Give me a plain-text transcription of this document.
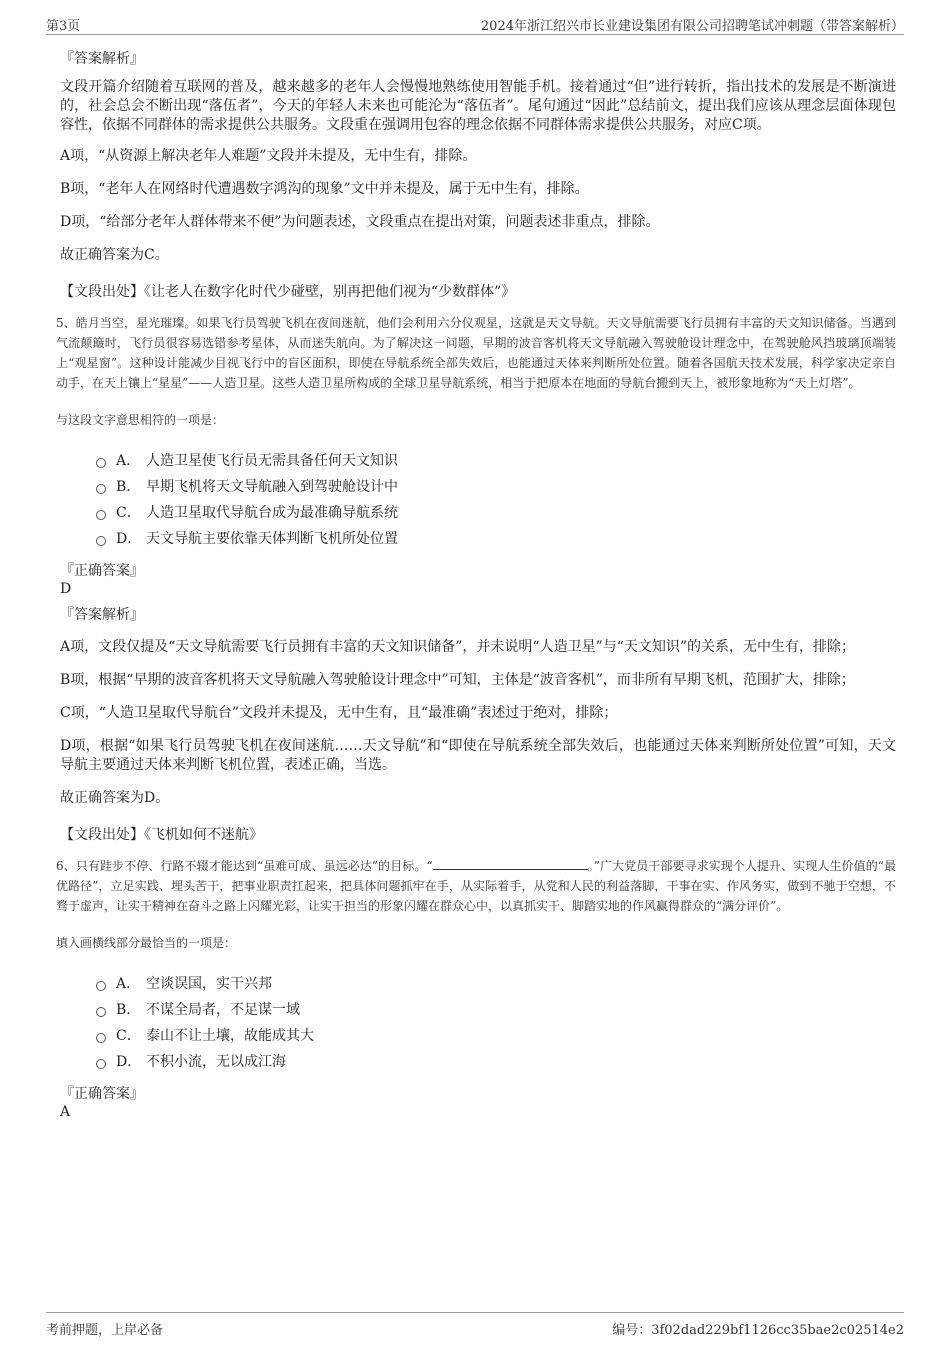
第3页	2024年浙江绍兴市长业建设集团有限公司招聘笔试冲刺题（带答案解析）
『答案解析』
文段开篇介绍随着互联网的普及，越来越多的老年人会慢慢地熟练使用智能手机。接着通过“但”进行转折，指出技术的发展是不断演进的，社会总会不断出现“落伍者”，今天的年轻人未来也可能沦为“落伍者”。尾句通过“因此”总结前文，提出我们应该从理念层面体现包容性，依据不同群体的需求提供公共服务。文段重在强调用包容的理念依据不同群体需求提供公共服务，对应C项。
A项，“从资源上解决老年人难题”文段并未提及，无中生有，排除。
B项，“老年人在网络时代遭遇数字鸿沟的现象”文中并未提及，属于无中生有，排除。
D项，“给部分老年人群体带来不便”为问题表述，文段重点在提出对策，问题表述非重点，排除。
故正确答案为C。
【文段出处】《让老人在数字化时代少碰壁，别再把他们视为“少数群体”》
5、皓月当空，星光璀璨。如果飞行员驾驶飞机在夜间迷航，他们会利用六分仪观星，这就是天文导航。天文导航需要飞行员拥有丰富的天文知识储备。当遇到气流颠簸时，飞行员很容易选错参考星体，从而迷失航向。为了解决这一问题，早期的波音客机将天文导航融入驾驶舱设计理念中，在驾驶舱风挡玻璃顶端装上“观星窗”。这种设计能减少目视飞行中的盲区面积，即使在导航系统全部失效后，也能通过天体来判断所处位置。随着各国航天技术发展，科学家决定亲自动手，在天上镶上“星星”——人造卫星。这些人造卫星所构成的全球卫星导航系统，相当于把原本在地面的导航台搬到天上，被形象地称为“天上灯塔”。
与这段文字意思相符的一项是：
A． 人造卫星使飞行员无需具备任何天文知识
B． 早期飞机将天文导航融入到驾驶舱设计中
C． 人造卫星取代导航台成为最准确导航系统
D． 天文导航主要依靠天体判断飞机所处位置
『正确答案』
D
『答案解析』
A项，文段仅提及“天文导航需要飞行员拥有丰富的天文知识储备”，并未说明“人造卫星”与“天文知识”的关系，无中生有，排除；
B项，根据“早期的波音客机将天文导航融入驾驶舱设计理念中”可知，主体是“波音客机”，而非所有早期飞机，范围扩大，排除；
C项，“人造卫星取代导航台”文段并未提及，无中生有，且“最准确”表述过于绝对，排除；
D项，根据“如果飞行员驾驶飞机在夜间迷航……天文导航”和“即使在导航系统全部失效后，也能通过天体来判断所处位置”可知，天文导航主要通过天体来判断飞机位置，表述正确，当选。
故正确答案为D。
【文段出处】《飞机如何不迷航》
6、只有跬步不停、行路不辍才能达到“虽难可成、虽远必达”的目标。“	。”广大党员干部要寻求实现个人提升、实现人生价值的“最优路径”，立足实践、埋头苦干，把事业职责扛起来，把具体问题抓牢在手，从实际着手，从党和人民的利益落脚，干事在实、作风务实，做到不驰于空想，不骛于虚声，让实干精神在奋斗之路上闪耀光彩，让实干担当的形象闪耀在群众心中，以真抓实干、脚踏实地的作风赢得群众的“满分评价”。
填入画横线部分最恰当的一项是：
A． 空谈误国，实干兴邦
B． 不谋全局者，不足谋一域
C． 泰山不让土壤，故能成其大
D． 不积小流，无以成江海
『正确答案』
A
考前押题，上岸必备	编号：3f02dad229bf1126cc35bae2c02514e2
